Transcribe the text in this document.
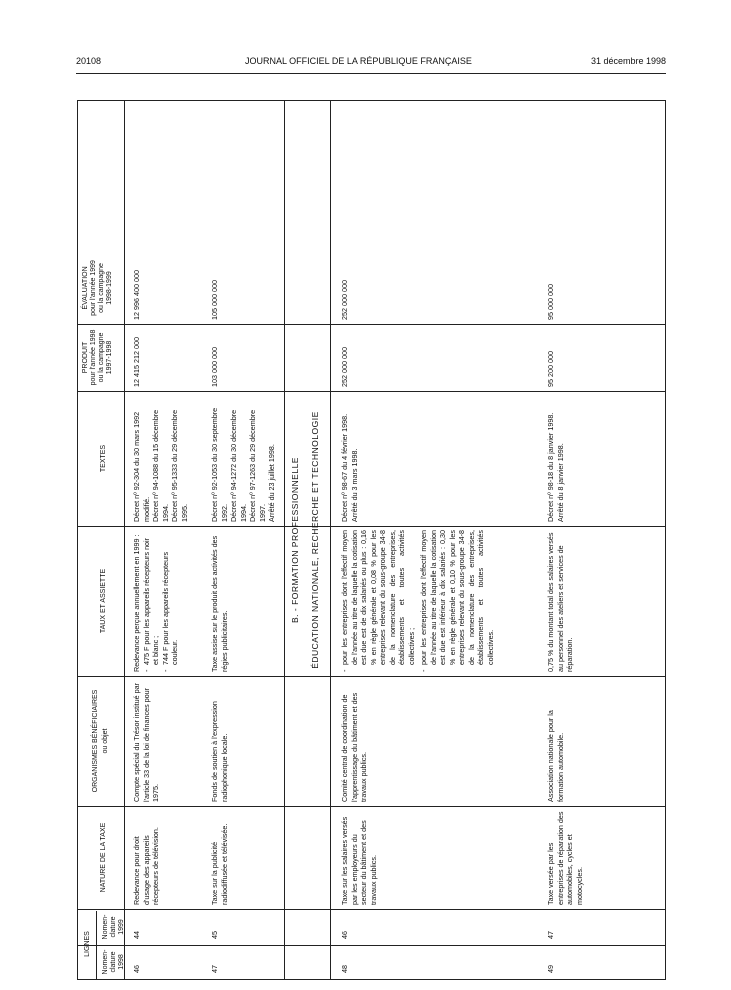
20108	JOURNAL OFFICIEL DE LA RÉPUBLIQUE FRANÇAISE	31 décembre 1998
LIGNES
Nomen-
clature
1998
Nomen-
clature
1999
NATURE DE LA TAXE
ORGANISMES BÉNÉFICIAIRES ou objet
TAUX ET ASSIETTE
TEXTES
PRODUIT
pour l'année 1998
ou la campagne
1997-1998
ÉVALUATION
pour l'année 1999
ou la campagne
1998-1999
46
44
Redevance pour droit d'usage des appareils récepteurs de télévision.
Compte spécial du Trésor institué par l'article 33 de la loi de finances pour 1975.
Redevance perçue annuellement en 1999 : - 475 F pour les appareils récepteurs noir et blanc ; - 744 F pour les appareils récepteurs couleur.
Décret nº 92-304 du 30 mars 1992 modifié. Décret nº 94-1088 du 15 décembre 1994. Décret nº 95-1333 du 29 décembre 1995.
12 415 212 000
12 996 400 000
47
45
Taxe sur la publicité radiodiffusée et télévisée.
Fonds de soutien à l'expression radiophonique locale.
Taxe assise sur le produit des activités des régies publicitaires.
Décret nº 92-1053 du 30 septembre 1992. Décret nº 94-1272 du 30 décembre 1994. Décret nº 97-1263 du 29 décembre 1997. Arrêté du 23 juillet 1998.
103 000 000
105 000 000
B. - FORMATION PROFESSIONNELLE ÉDUCATION NATIONALE, RECHERCHE ET TECHNOLOGIE
48
46
Taxe sur les salaires versés par les employeurs du secteur du bâtiment et des travaux publics.
Comité central de coordination de l'apprentissage du bâtiment et des travaux publics.
- pour les entreprises dont l'effectif moyen de l'année au titre de laquelle la cotisation est due est de dix salariés ou plus : 0,16 % en règle générale et 0,08 % pour les entreprises relevant du sous-groupe 34-8 de la nomenclature des entreprises, établissements et toutes activités collectives ; - pour les entreprises dont l'effectif moyen de l'année au titre de laquelle la cotisation est due est inférieur à dix salariés : 0,30 % en règle générale et 0,10 % pour les entreprises relevant du sous-groupe 34-8 de la nomenclature des entreprises, établissements et toutes activités collectives.
Décret nº 98-67 du 4 février 1998. Arrêté du 3 mars 1998.
252 000 000
252 000 000
49
47
Taxe versée par les entreprises de réparation des automobiles, cycles et motocycles.
Association nationale pour la formation automobile.
0,75 % du montant total des salaires versés au personnel des ateliers et services de réparation.
Décret nº 98-18 du 8 janvier 1998. Arrêté du 8 janvier 1998.
95 200 000
95 000 000
